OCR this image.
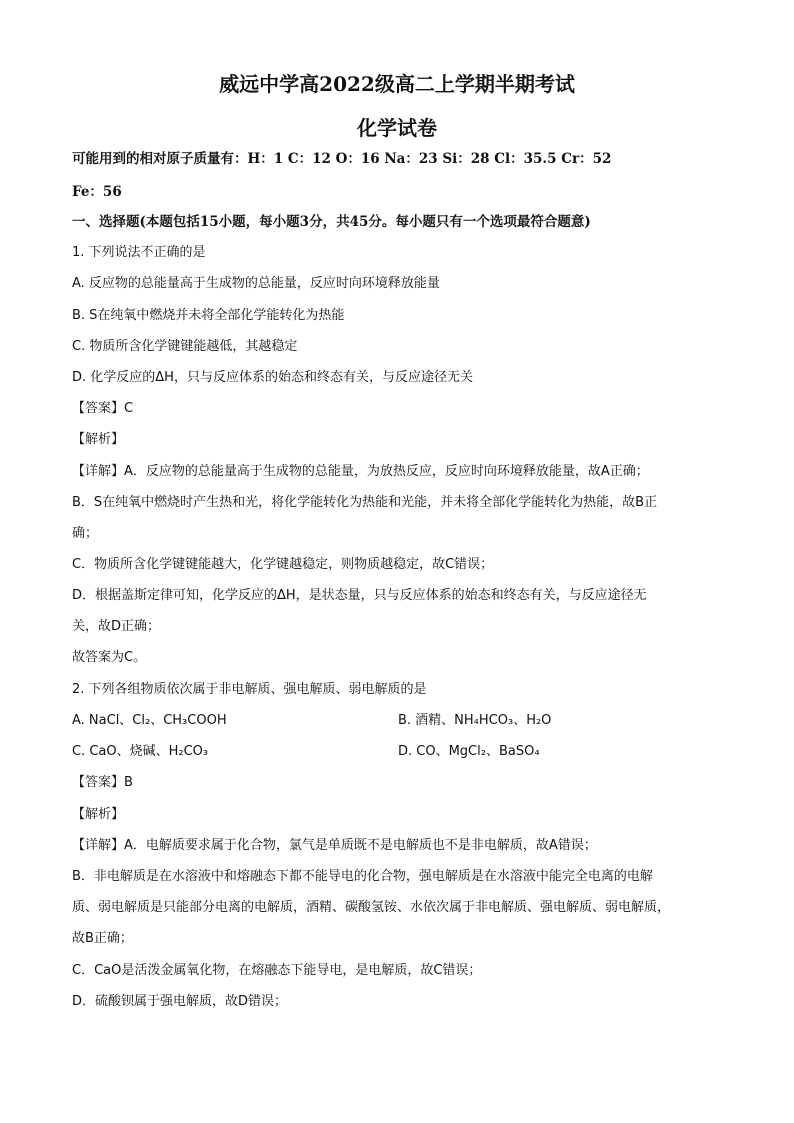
威远中学高2022级高二上学期半期考试
化学试卷
可能用到的相对原子质量有：H：1 C：12 O：16 Na：23 Si：28 Cl：35.5 Cr：52
Fe：56
一、选择题(本题包括15小题，每小题3分，共45分。每小题只有一个选项最符合题意)
1. 下列说法不正确的是
A. 反应物的总能量高于生成物的总能量，反应时向环境释放能量
B. S在纯氧中燃烧并未将全部化学能转化为热能
C. 物质所含化学键键能越低，其越稳定
D. 化学反应的ΔH，只与反应体系的始态和终态有关，与反应途径无关
【答案】C
【解析】
【详解】A．反应物的总能量高于生成物的总能量，为放热反应，反应时向环境释放能量，故A正确；
B．S在纯氧中燃烧时产生热和光，将化学能转化为热能和光能，并未将全部化学能转化为热能，故B正
确；
C．物质所含化学键键能越大，化学键越稳定，则物质越稳定，故C错误；
D．根据盖斯定律可知，化学反应的ΔH，是状态量，只与反应体系的始态和终态有关，与反应途径无
关，故D正确；
故答案为C。
2. 下列各组物质依次属于非电解质、强电解质、弱电解质的是
A. NaCl、Cl₂、CH₃COOH	B. 酒精、NH₄HCO₃、H₂O
C. CaO、烧碱、H₂CO₃	D. CO、MgCl₂、BaSO₄
【答案】B
【解析】
【详解】A．电解质要求属于化合物，氯气是单质既不是电解质也不是非电解质，故A错误；
B．非电解质是在水溶液中和熔融态下都不能导电的化合物，强电解质是在水溶液中能完全电离的电解
质、弱电解质是只能部分电离的电解质，酒精、碳酸氢铵、水依次属于非电解质、强电解质、弱电解质，
故B正确；
C．CaO是活泼金属氧化物，在熔融态下能导电，是电解质，故C错误；
D．硫酸钡属于强电解质，故D错误；
